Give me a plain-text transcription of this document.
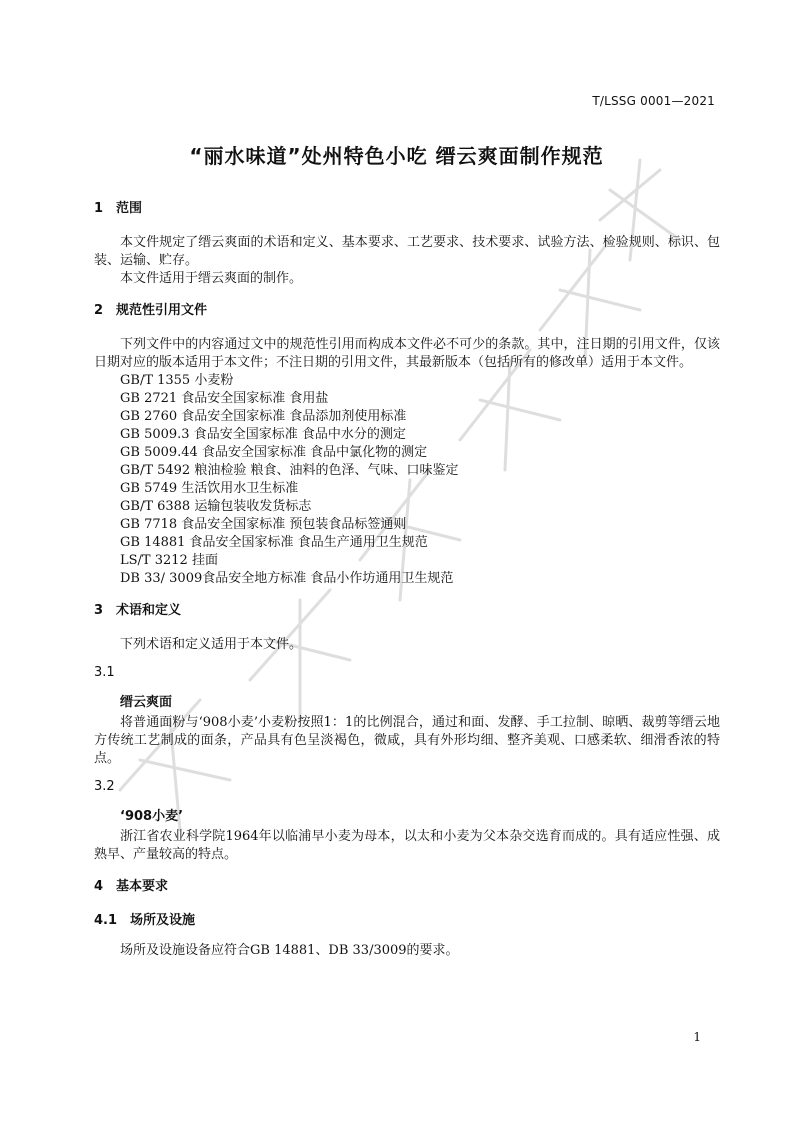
T/LSSG 0001—2021
“丽水味道”处州特色小吃 缙云爽面制作规范
1 范围

本文件规定了缙云爽面的术语和定义、基本要求、工艺要求、技术要求、试验方法、检验规则、标识、包装、运输、贮存。

本文件适用于缙云爽面的制作。

2 规范性引用文件

下列文件中的内容通过文中的规范性引用而构成本文件必不可少的条款。其中，注日期的引用文件，仅该日期对应的版本适用于本文件；不注日期的引用文件，其最新版本（包括所有的修改单）适用于本文件。

GB/T 1355 小麦粉
GB 2721 食品安全国家标准 食用盐
GB 2760 食品安全国家标准 食品添加剂使用标准
GB 5009.3 食品安全国家标准 食品中水分的测定
GB 5009.44 食品安全国家标准 食品中氯化物的测定
GB/T 5492 粮油检验 粮食、油料的色泽、气味、口味鉴定
GB 5749 生活饮用水卫生标准
GB/T 6388 运输包装收发货标志
GB 7718 食品安全国家标准 预包装食品标签通则
GB 14881 食品安全国家标准 食品生产通用卫生规范
LS/T 3212 挂面
DB 33/ 3009食品安全地方标准 食品小作坊通用卫生规范
3 术语和定义

下列术语和定义适用于本文件。

3.1
缙云爽面

将普通面粉与‘908小麦’小麦粉按照1：1的比例混合，通过和面、发酵、手工拉制、晾晒、裁剪等缙云地方传统工艺制成的面条，产品具有色呈淡褐色，微咸，具有外形均细、整齐美观、口感柔软、细滑香浓的特点。

3.2
‘908小麦’

浙江省农业科学院1964年以临浦早小麦为母本，以太和小麦为父本杂交选育而成的。具有适应性强、成熟早、产量较高的特点。

4 基本要求
4.1 场所及设施

场所及设施设备应符合GB 14881、DB 33/3009的要求。

1
